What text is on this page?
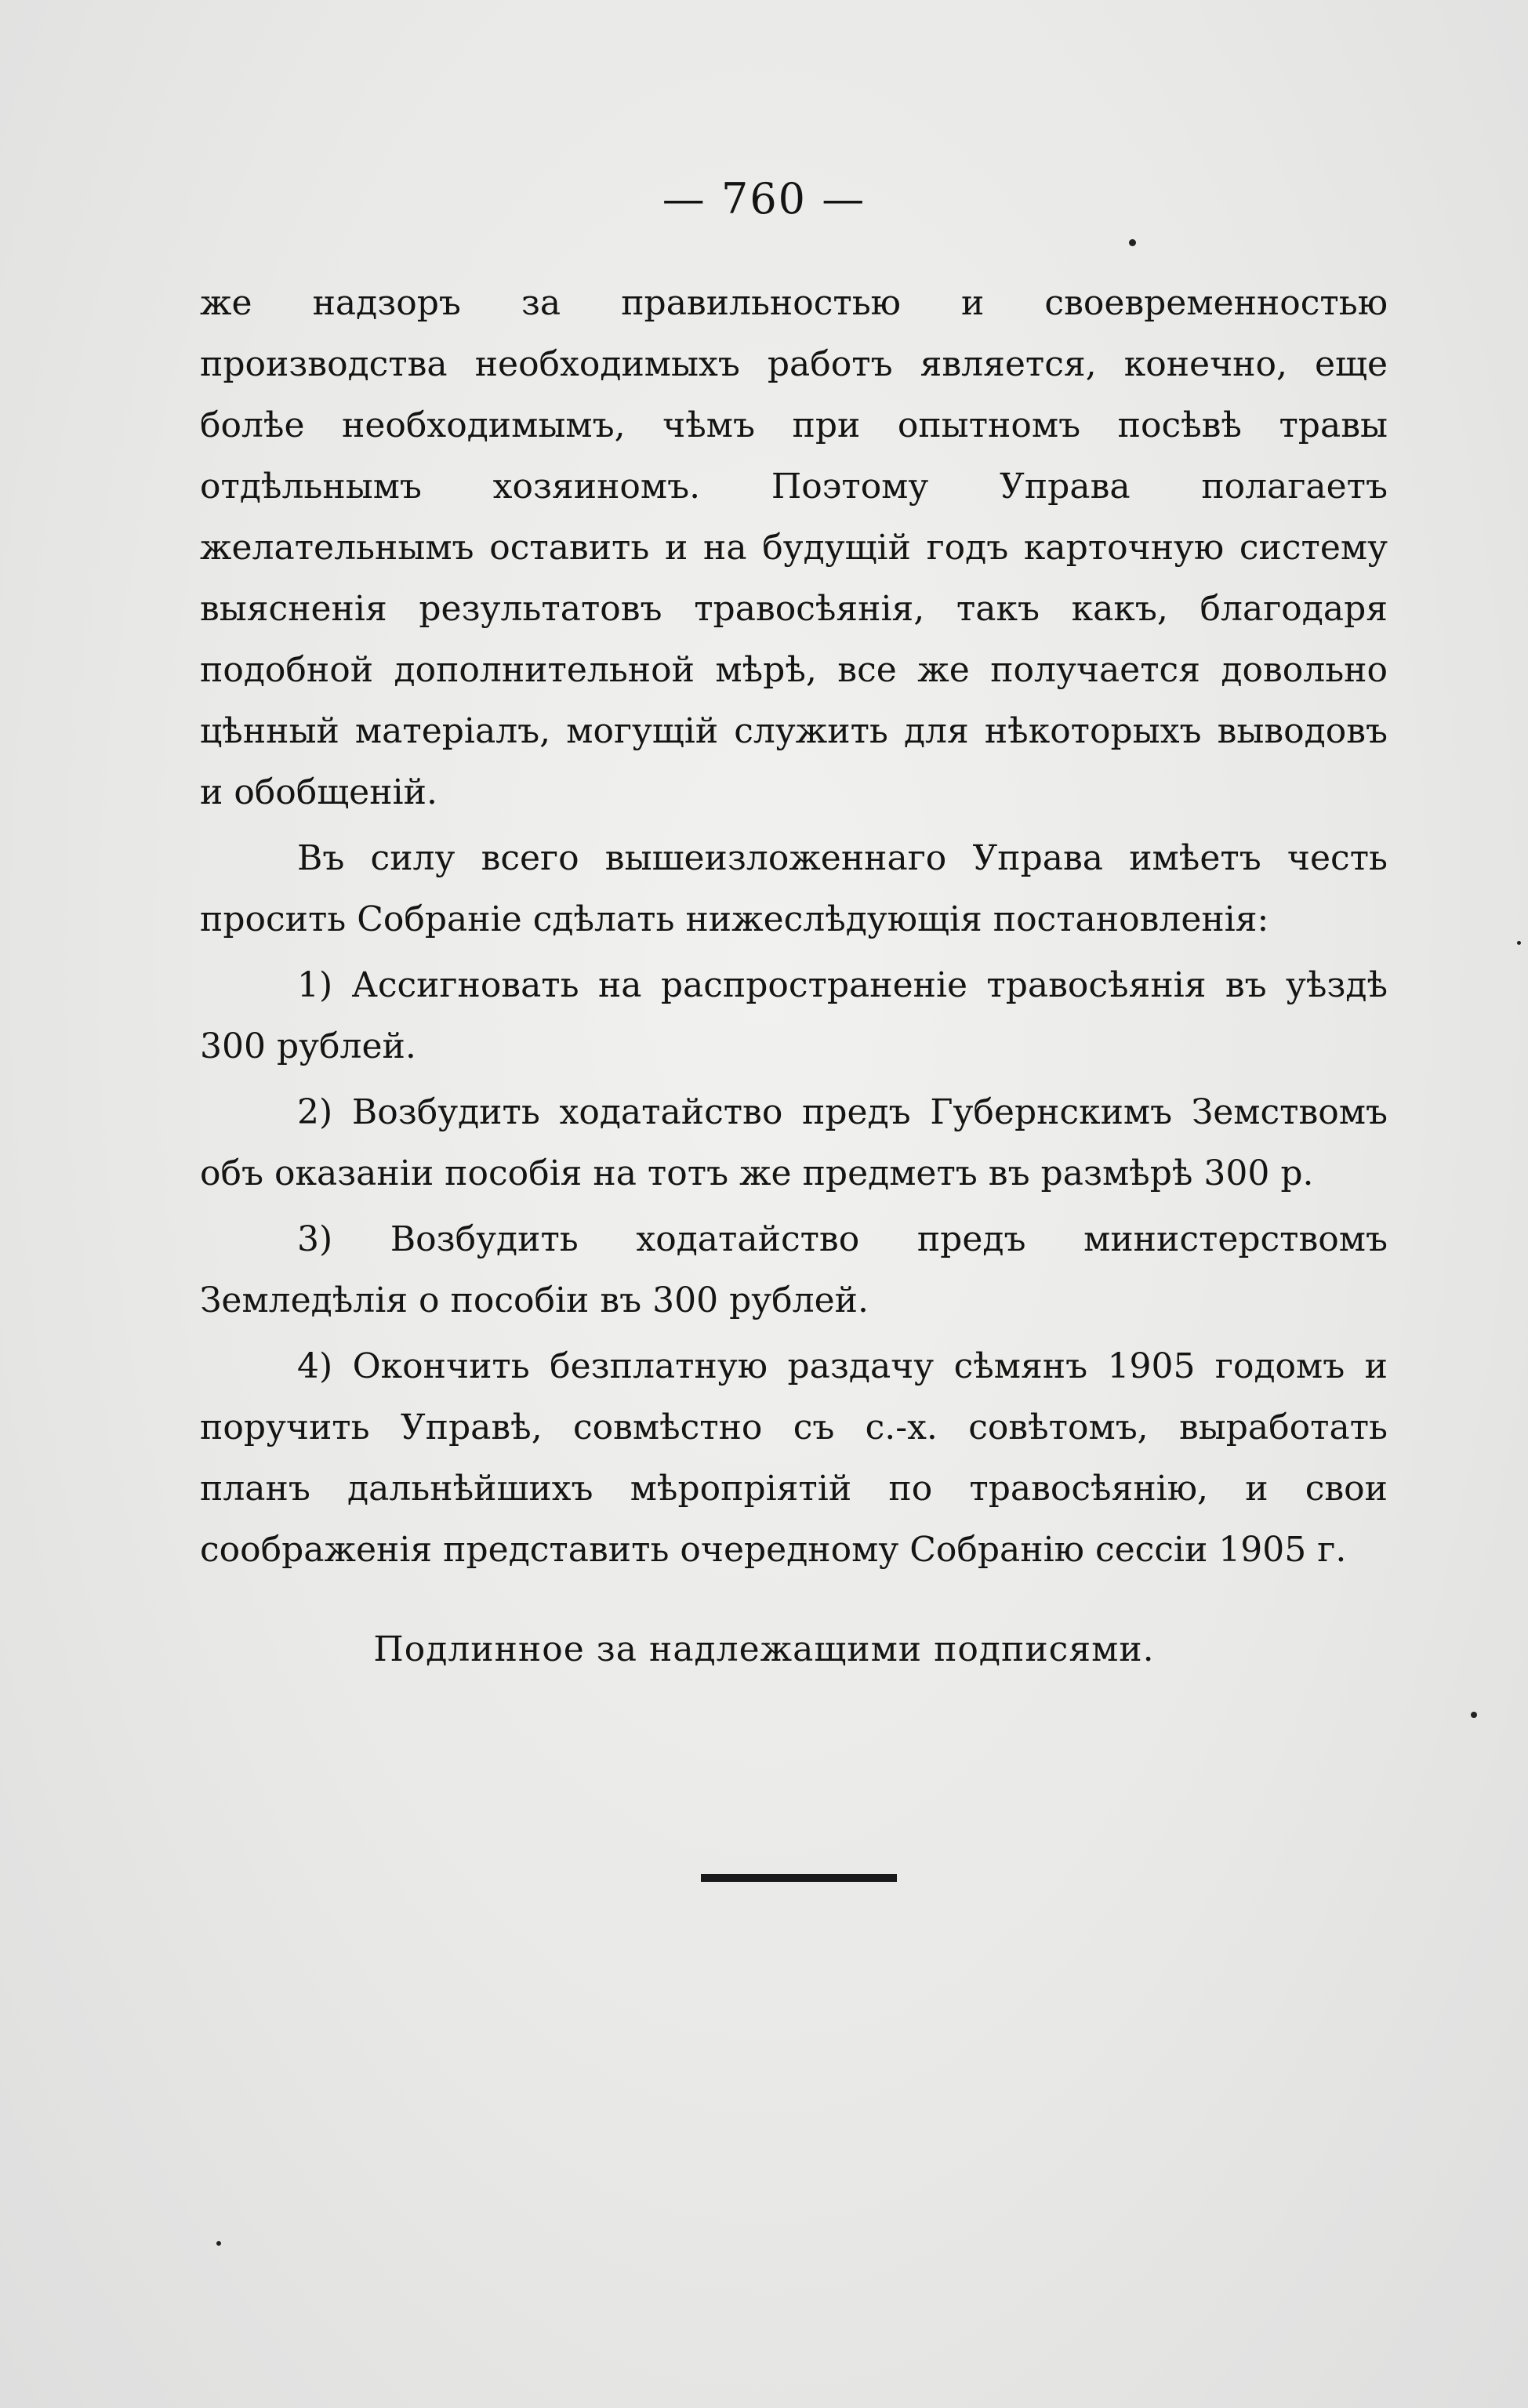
— 760 —

же надзоръ за правильностью и своевременностью производства необходимыхъ работъ является, конечно, еще болѣе необходимымъ, чѣмъ при опытномъ посѣвѣ травы отдѣльнымъ хозяиномъ. Поэтому Управа полагаетъ желательнымъ оставить и на будущій годъ карточную систему выясненія результатовъ травосѣянія, такъ какъ, благодаря подобной дополнительной мѣрѣ, все же получается довольно цѣнный матеріалъ, могущій служить для нѣкоторыхъ выводовъ и обобщеній.

Въ силу всего вышеизложеннаго Управа имѣетъ честь просить Собраніе сдѣлать нижеслѣдующія постановленія:

1) Ассигновать на распространеніе травосѣянія въ уѣздѣ 300 рублей.

2) Возбудить ходатайство предъ Губернскимъ Земствомъ объ оказаніи пособія на тотъ же предметъ въ размѣрѣ 300 р.

3) Возбудить ходатайство предъ министерствомъ Земледѣлія о пособіи въ 300 рублей.

4) Окончить безплатную раздачу сѣмянъ 1905 годомъ и поручить Управѣ, совмѣстно съ с.-х. совѣтомъ, выработать планъ дальнѣйшихъ мѣропріятій по травосѣянію, и свои соображенія представить очередному Собранію сессіи 1905 г.

Подлинное за надлежащими подписями.
